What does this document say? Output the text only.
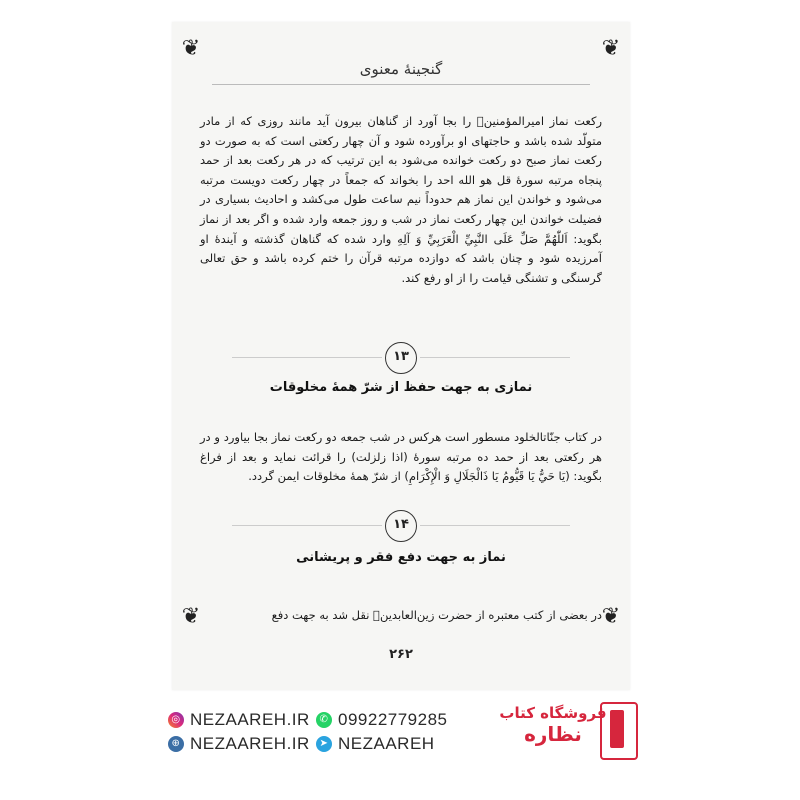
❦	❦
❦	❦
گنجینهٔ معنوی
رکعت نماز امیرالمؤمنینؑ را بجا آورد از گناهان بیرون آید مانند روزی که از مادر متولّد شده باشد و حاجتهای او برآورده شود و آن چهار رکعتی است که به صورت دو رکعت نماز صبح دو رکعت خوانده می‌شود به این ترتیب که در هر رکعت بعد از حمد پنجاه مرتبه سورهٔ قل هو الله احد را بخواند که جمعاً در چهار رکعت دویست مرتبه می‌شود و خواندن این نماز هم حدوداً نیم ساعت طول می‌کشد و احادیث بسیاری در فضیلت خواندن این چهار رکعت نماز در شب و روز جمعه وارد شده و اگر بعد از نماز بگوید: اَللّٰهُمَّ صَلِّ عَلَى النَّبِيِّ الْعَرَبِيِّ وَ آلِهِ وارد شده که گناهان گذشته و آیندهٔ او آمرزیده شود و چنان باشد که دوازده مرتبه قرآن را ختم کرده باشد و حق تعالی گرسنگی و تشنگی قیامت را از او رفع کند.
۱۳
نمازی به جهت حفظ از شرّ همهٔ مخلوقات
در کتاب جنّاتالخلود مسطور است هرکس در شب جمعه دو رکعت نماز بجا بیاورد و در هر رکعتی بعد از حمد ده مرتبه سورهٔ (اذا زلزلت) را قرائت نماید و بعد از فراغ بگوید: (يَا حَيُّ يَا قَيُّومُ يَا ذَالْجَلَالِ وَ الْإِكْرَامِ) از شرّ همهٔ مخلوقات ایمن گردد.
۱۴
نماز به جهت دفع فقر و پریشانی
در بعضی از کتب معتبره از حضرت زین‌العابدینؑ نقل شد به جهت دفع
۲۶۲
◎ NEZAAREH.IR ✆ 09922779285
⊕ NEZAAREH.IR ➤ NEZAAREH
فروشگاه کتاب
نظاره
